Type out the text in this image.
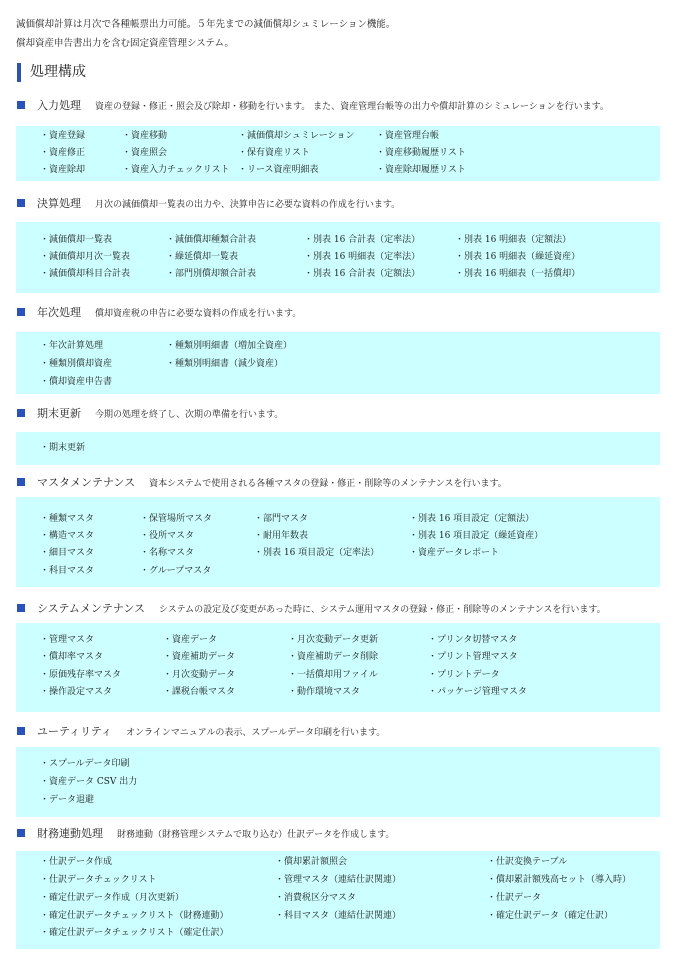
減価償却計算は月次で各種帳票出力可能。５年先までの減価償却シュミレーション機能。
償却資産申告書出力を含む固定資産管理システム。
処理構成
入力処理 資産の登録・修正・照会及び除却・移動を行います。 また、資産管理台帳等の出力や償却計算のシミュレーションを行います。
・資産登録	・資産移動	・減価償却シュミレーション ・資産管理台帳
・資産修正	・資産照会	・保有資産リスト	・資産移動履歴リスト
・資産除却	・資産入力チェックリスト ・リース資産明細表	・資産除却履歴リスト
決算処理 月次の減価償却一覧表の出力や、決算申告に必要な資料の作成を行います。
・減価償却一覧表	・減価償却種類合計表	・別表 16 合計表（定率法）	・別表 16 明細表（定額法）
・減価償却月次一覧表	・繰延償却一覧表	・別表 16 明細表（定率法）	・別表 16 明細表（繰延資産）
・減価償却科目合計表	・部門別償却額合計表	・別表 16 合計表（定額法）	・別表 16 明細表（一括償却）
年次処理 償却資産税の申告に必要な資料の作成を行います。
・年次計算処理	・種類別明細書（増加全資産）
・種類別償却資産	・種類別明細書（減少資産）
・償却資産申告書
期末更新 今期の処理を終了し、次期の準備を行います。
・期末更新
マスタメンテナンス 資本システムで使用される各種マスタの登録・修正・削除等のメンテナンスを行います。
・種類マスタ	・保管場所マスタ	・部門マスタ	・別表 16 項目設定（定額法）
・構造マスタ	・役所マスタ	・耐用年数表	・別表 16 項目設定（繰延資産）
・細目マスタ	・名称マスタ	・別表 16 項目設定（定率法）	・資産データレポート
・科目マスタ	・グループマスタ
システムメンテナンス システムの設定及び変更があった時に、システム運用マスタの登録・修正・削除等のメンテナンスを行います。
・管理マスタ	・資産データ	・月次変動データ更新	・プリンタ切替マスタ
・償却率マスタ	・資産補助データ	・資産補助データ削除	・プリント管理マスタ
・原価残存率マスタ	・月次変動データ	・一括償却用ファイル	・プリントデータ
・操作設定マスタ	・課税台帳マスタ	・動作環境マスタ	・パッケージ管理マスタ
ユーティリティ オンラインマニュアルの表示、スプールデータ印刷を行います。
・スプールデータ印刷
・資産データ CSV 出力
・データ退避
財務連動処理 財務連動（財務管理システムで取り込む）仕訳データを作成します。
・仕訳データ作成	・償却累計額照会	・仕訳変換テーブル
・仕訳データチェックリスト	・管理マスタ（連結仕訳関連）	・償却累計額残高セット（導入時）
・確定仕訳データ作成（月次更新）	・消費税区分マスタ	・仕訳データ
・確定仕訳データチェックリスト（財務連動）	・科目マスタ（連結仕訳関連）	・確定仕訳データ（確定仕訳）
・確定仕訳データチェックリスト（確定仕訳）
